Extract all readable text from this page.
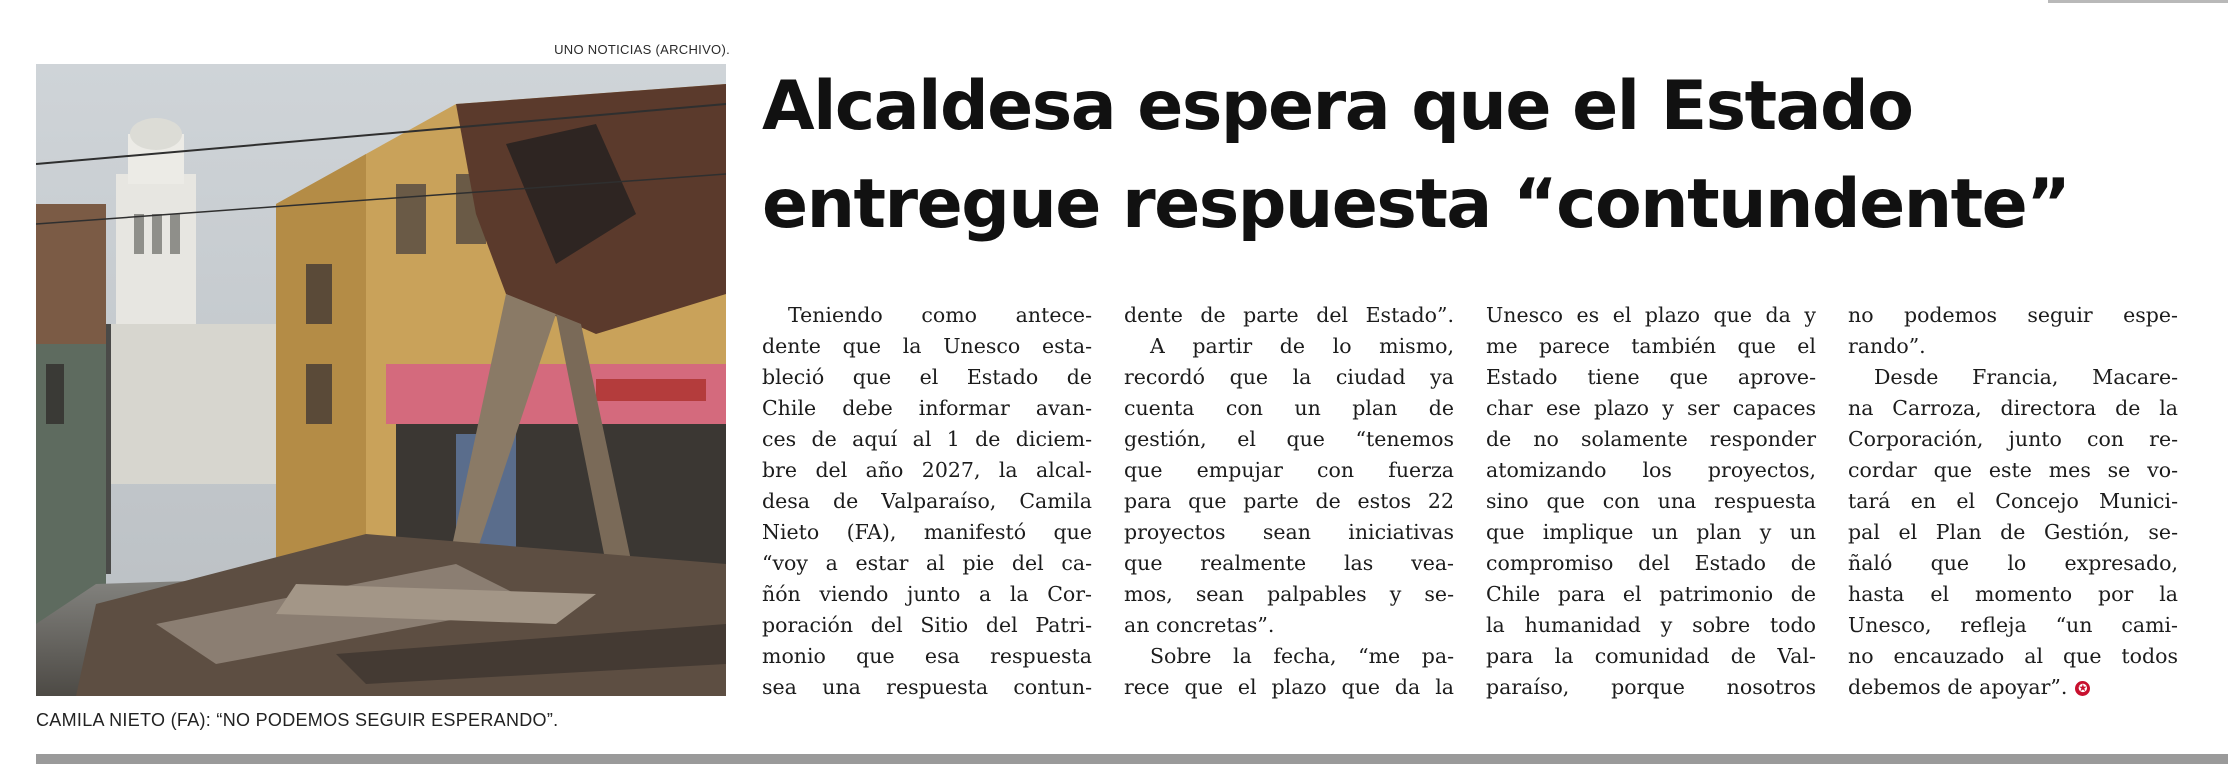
UNO NOTICIAS (ARCHIVO).
CAMILA NIETO (FA): “NO PODEMOS SEGUIR ESPERANDO”.
Alcaldesa espera que el Estado
entregue respuesta “contundente”
Teniendo como antece-
dente que la Unesco esta-
bleció que el Estado de
Chile debe informar avan-
ces de aquí al 1 de diciem-
bre del año 2027, la alcal-
desa de Valparaíso, Camila
Nieto (FA), manifestó que
“voy a estar al pie del ca-
ñón viendo junto a la Cor-
poración del Sitio del Patri-
monio que esa respuesta
sea una respuesta contun-
dente de parte del Estado”.
A partir de lo mismo,
recordó que la ciudad ya
cuenta con un plan de
gestión, el que “tenemos
que empujar con fuerza
para que parte de estos 22
proyectos sean iniciativas
que realmente las vea-
mos, sean palpables y se-
an concretas”.
Sobre la fecha, “me pa-
rece que el plazo que da la
Unesco es el plazo que da y
me parece también que el
Estado tiene que aprove-
char ese plazo y ser capaces
de no solamente responder
atomizando los proyectos,
sino que con una respuesta
que implique un plan y un
compromiso del Estado de
Chile para el patrimonio de
la humanidad y sobre todo
para la comunidad de Val-
paraíso, porque nosotros
no podemos seguir espe-
rando”.
Desde Francia, Macare-
na Carroza, directora de la
Corporación, junto con re-
cordar que este mes se vo-
tará en el Concejo Munici-
pal el Plan de Gestión, se-
ñaló que lo expresado,
hasta el momento por la
Unesco, refleja “un cami-
no encauzado al que todos
debemos de apoyar”. ✪
